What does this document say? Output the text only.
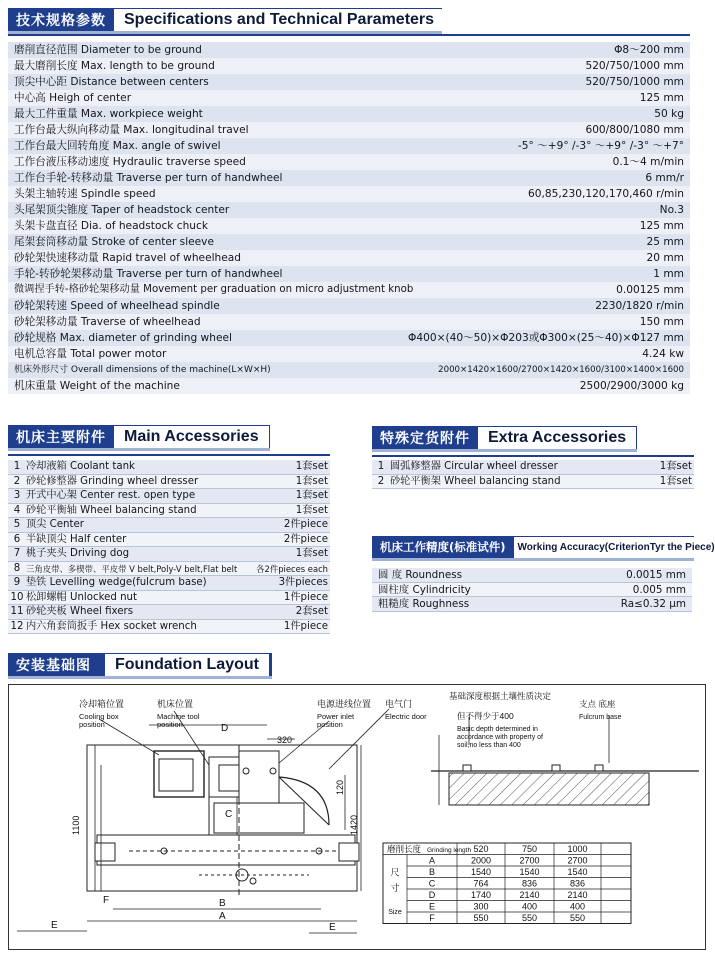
技术规格参数	Specifications and Technical Parameters
磨削直径范围 Diameter to be ground	Φ8～200 mm
最大磨削长度 Max. length to be ground	520/750/1000 mm
顶尖中心距 Distance between centers	520/750/1000 mm
中心高 Heigh of center	125 mm
最大工件重量 Max. workpiece weight	50 kg
工作台最大纵向移动量 Max. longitudinal travel	600/800/1080 mm
工作台最大回转角度 Max. angle of swivel	-5° ～+9° /-3° ～+9° /-3° ～+7°
工作台液压移动速度 Hydraulic traverse speed	0.1～4 m/min
工作台手轮-转移动量 Traverse per turn of handwheel	6 mm/r
头架主轴转速 Spindle speed	60,85,230,120,170,460 r/min
头尾架顶尖锥度 Taper of headstock center	No.3
头架卡盘直径 Dia. of headstock chuck	125 mm
尾架套筒移动量 Stroke of center sleeve	25 mm
砂轮架快速移动量 Rapid travel of wheelhead	20 mm
手轮-转砂轮架移动量 Traverse per turn of handwheel	1 mm
微调捏手转-格砂轮架移动量 Movement per graduation on micro adjustment knob	0.00125 mm
砂轮架转速 Speed of wheelhead spindle	2230/1820 r/min
砂轮架移动量 Traverse of wheelhead	150 mm
砂轮规格 Max. diameter of grinding wheel	Φ400×(40～50)×Φ203或Φ300×(25～40)×Φ127 mm
电机总容量 Total power motor	4.24 kw
机床外形尺寸 Overall dimensions of the machine(L×W×H)	2000×1420×1600/2700×1420×1600/3100×1400×1600
机床重量 Weight of the machine	2500/2900/3000 kg
机床主要附件	Main Accessories
1 冷却液箱 Coolant tank	1套set
2 砂轮修整器 Grinding wheel dresser	1套set
3 开式中心架 Center rest. open type	1套set
4 砂轮平衡轴 Wheel balancing stand	1套set
5 顶尖 Center	2件piece
6 半缺顶尖 Half center	2件piece
7 桃子夹头 Driving dog	1套set
8 三角皮带、多楔带、平皮带 V belt,Poly-V belt,Flat belt	各2件pieces each
9 垫铁 Levelling wedge(fulcrum base)	3件pieces
10 松卸螺帽 Unlocked nut	1件piece
11 砂轮夹板 Wheel fixers	2套set
12 内六角套筒扳手 Hex socket wrench	1件piece
特殊定货附件	Extra Accessories
1 圆弧修整器 Circular wheel dresser	1套set
2 砂轮平衡架 Wheel balancing stand	1套set
机床工作精度(标准试件)	Working Accuracy(CriterionTyr the Piece)
圆 度 Roundness	0.0015 mm
圆柱度 Cylindricity	0.005 mm
粗糙度 Roughness	Ra≤0.32 μm
安装基础图	Foundation Layout
冷却箱位置
Cooling box
position
机床位置
Machine tool
position
电源进线位置
Power inlet
position
电气门
Electric door
D
320
C
B
A
E	E
F
1100	1420
120
基础深度根据土壤性质决定
但不得少于400
Basic depth determined in
accordance with property of
soil,no less than 400
支点 底座
Fulcrum base
磨削长度 Grinding length 520	750	1000
尺
寸
Size
A	2000	2700	2700
B	1540	1540	1540
C	764	836	836
D	1740	2140	2140
E	300	400	400
F	550	550	550
